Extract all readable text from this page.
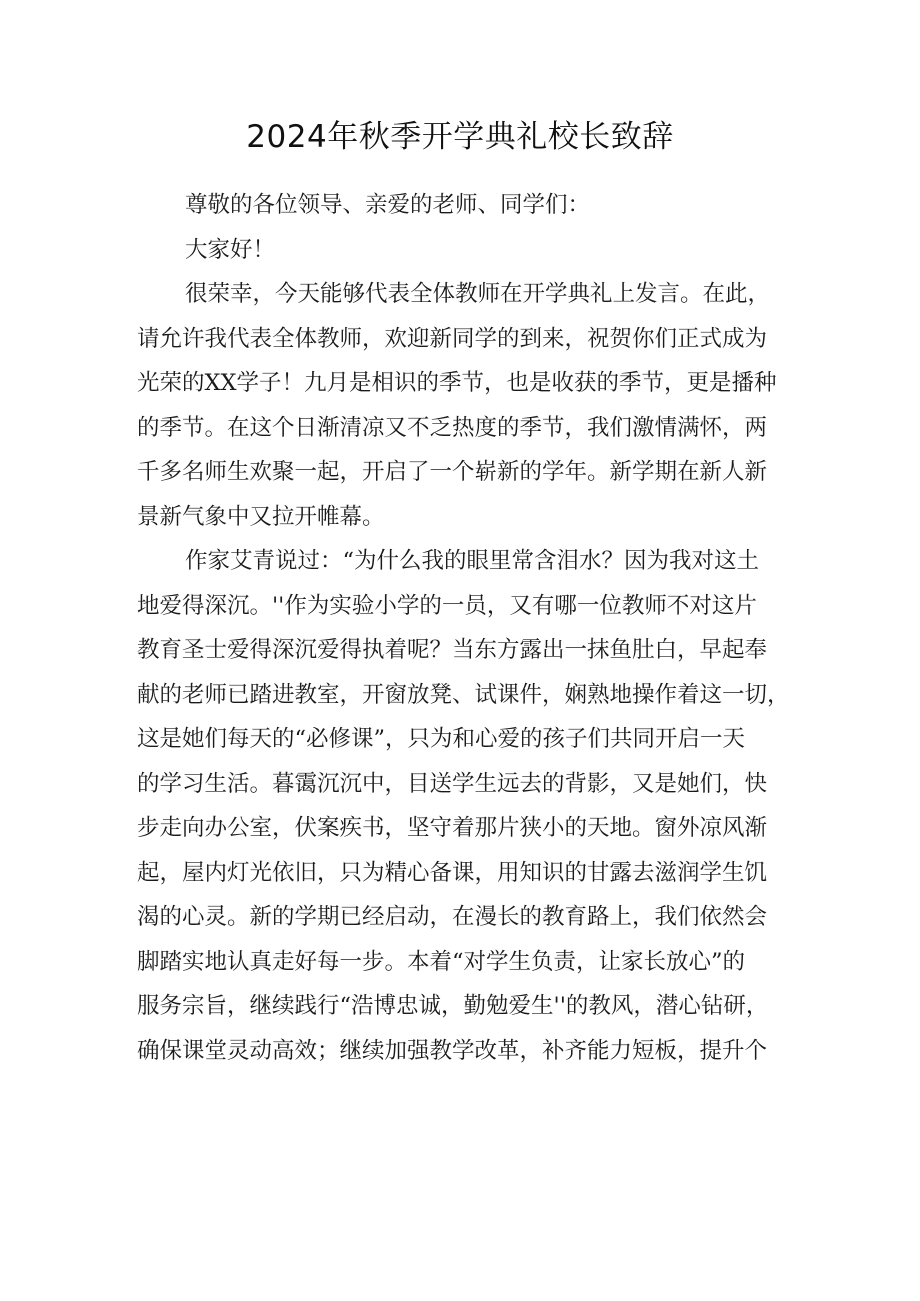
2024年秋季开学典礼校长致辞
尊敬的各位领导、亲爱的老师、同学们：
大家好！
很荣幸，今天能够代表全体教师在开学典礼上发言。在此，
请允许我代表全体教师，欢迎新同学的到来，祝贺你们正式成为
光荣的XX学子！九月是相识的季节，也是收获的季节，更是播种
的季节。在这个日渐清凉又不乏热度的季节，我们激情满怀，两
千多名师生欢聚一起，开启了一个崭新的学年。新学期在新人新
景新气象中又拉开帷幕。
作家艾青说过：“为什么我的眼里常含泪水？因为我对这土
地爱得深沉。''作为实验小学的一员，又有哪一位教师不对这片
教育圣士爱得深沉爱得执着呢？当东方露出一抹鱼肚白，早起奉
献的老师已踏进教室，开窗放凳、试课件，娴熟地操作着这一切，
这是她们每天的“必修课”，只为和心爱的孩子们共同开启一天
的学习生活。暮霭沉沉中，目送学生远去的背影，又是她们，快
步走向办公室，伏案疾书，坚守着那片狭小的天地。窗外凉风渐
起，屋内灯光依旧，只为精心备课，用知识的甘露去滋润学生饥
渴的心灵。新的学期已经启动，在漫长的教育路上，我们依然会
脚踏实地认真走好每一步。本着“对学生负责，让家长放心”的
服务宗旨，继续践行“浩博忠诚，勤勉爱生''的教风，潜心钻研，
确保课堂灵动高效；继续加强教学改革，补齐能力短板，提升个
